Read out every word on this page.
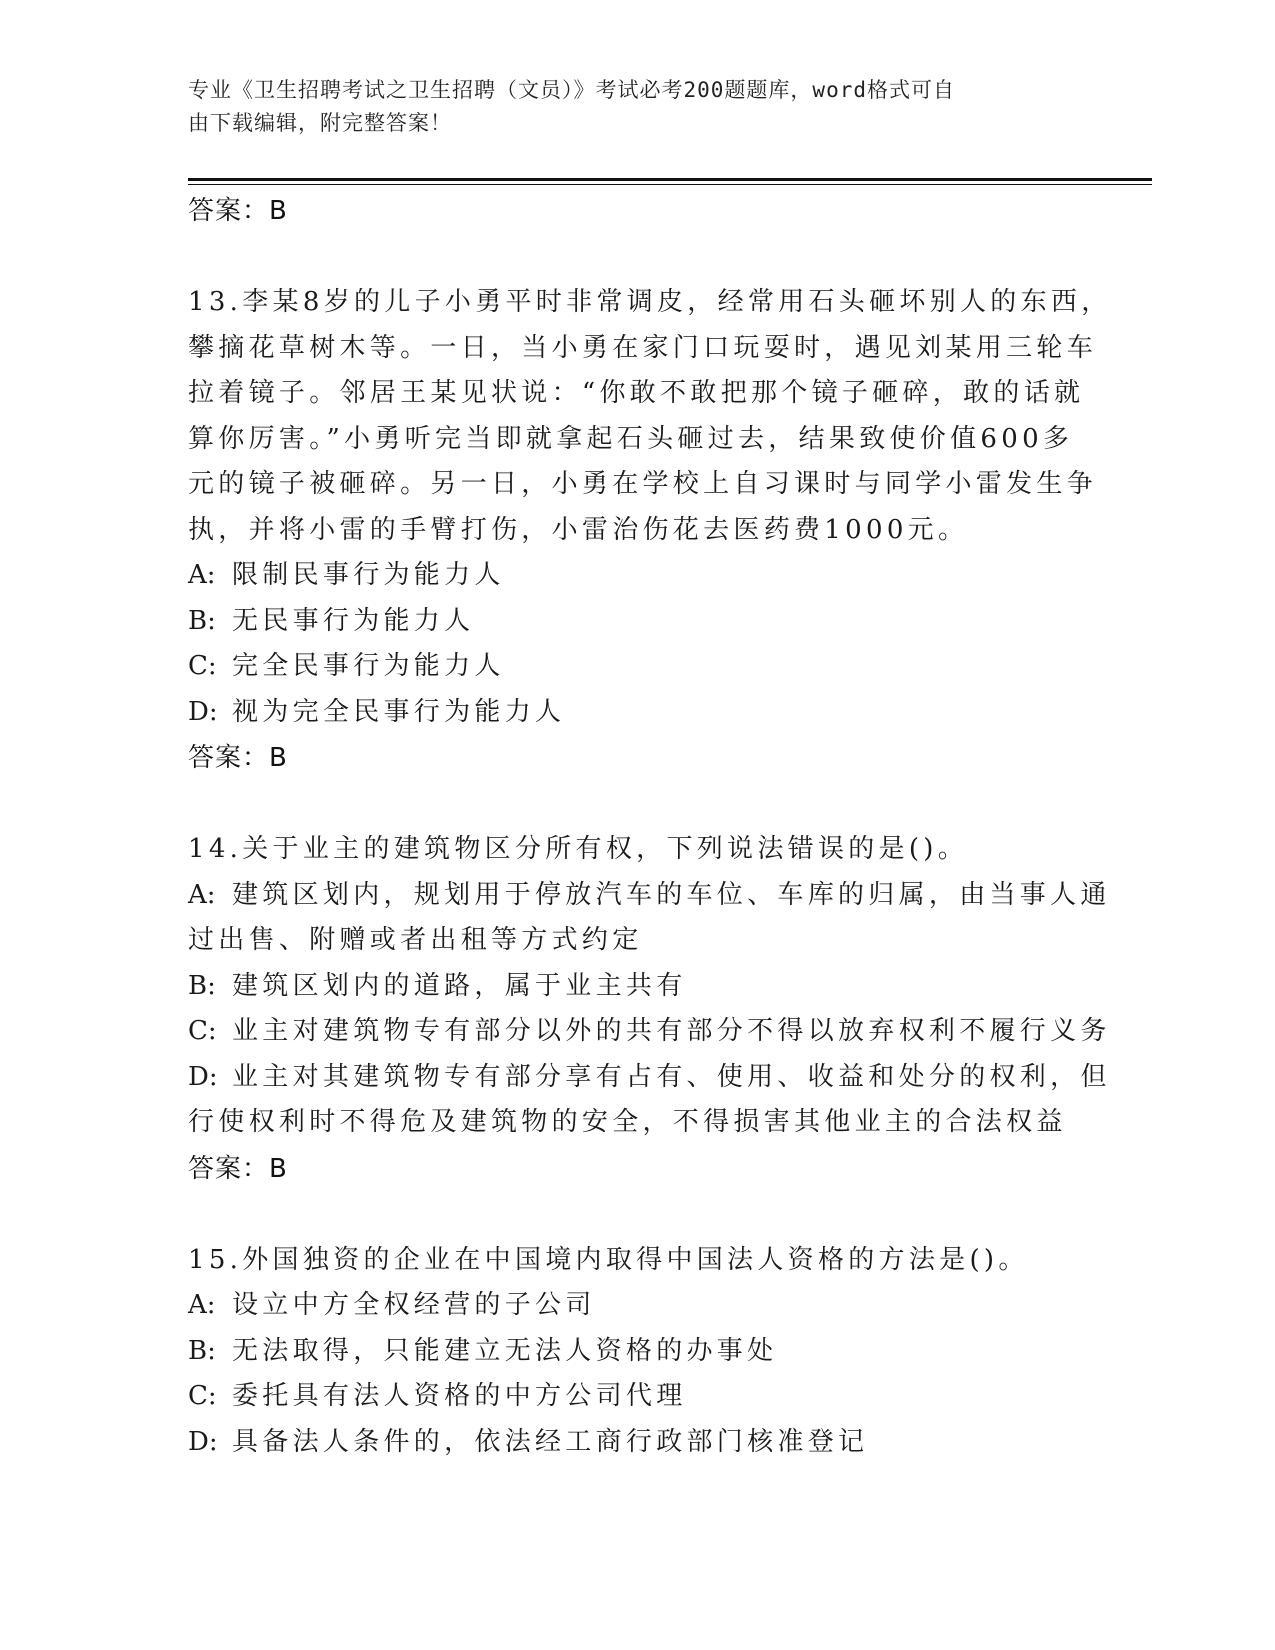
专业《卫生招聘考试之卫生招聘（文员）》考试必考200题题库，word格式可自
由下载编辑，附完整答案！
答案：B
13.李某8岁的儿子小勇平时非常调皮，经常用石头砸坏别人的东西，
攀摘花草树木等。一日，当小勇在家门口玩耍时，遇见刘某用三轮车
拉着镜子。邻居王某见状说：“你敢不敢把那个镜子砸碎，敢的话就
算你厉害。”小勇听完当即就拿起石头砸过去，结果致使价值600多
元的镜子被砸碎。另一日，小勇在学校上自习课时与同学小雷发生争
执，并将小雷的手臂打伤，小雷治伤花去医药费1000元。
A: 限制民事行为能力人
B: 无民事行为能力人
C: 完全民事行为能力人
D: 视为完全民事行为能力人
答案：B
14.关于业主的建筑物区分所有权，下列说法错误的是()。
A: 建筑区划内，规划用于停放汽车的车位、车库的归属，由当事人通
过出售、附赠或者出租等方式约定
B: 建筑区划内的道路，属于业主共有
C: 业主对建筑物专有部分以外的共有部分不得以放弃权利不履行义务
D: 业主对其建筑物专有部分享有占有、使用、收益和处分的权利，但
行使权利时不得危及建筑物的安全，不得损害其他业主的合法权益
答案：B
15.外国独资的企业在中国境内取得中国法人资格的方法是()。
A: 设立中方全权经营的子公司
B: 无法取得，只能建立无法人资格的办事处
C: 委托具有法人资格的中方公司代理
D: 具备法人条件的，依法经工商行政部门核准登记
